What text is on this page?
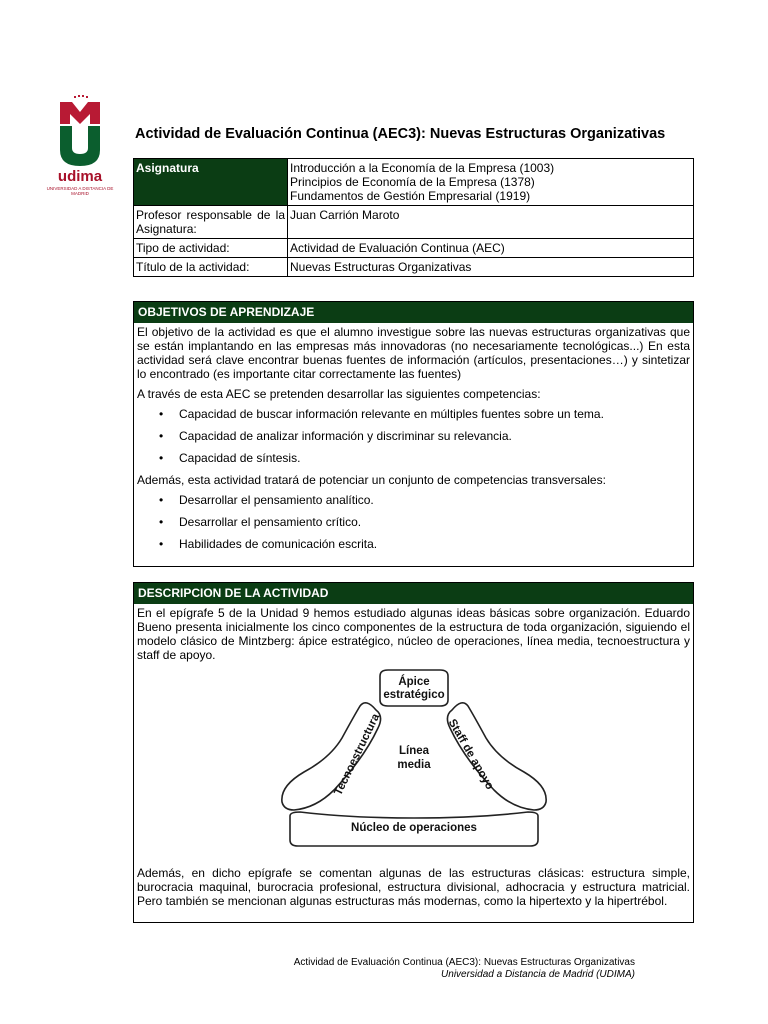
udima
UNIVERSIDAD A DISTANCIA DE MADRID
Actividad de Evaluación Continua (AEC3): Nuevas Estructuras Organizativas
Asignatura	Introducción a la Economía de la Empresa (1003)
Principios de Economía de la Empresa (1378)
Fundamentos de Gestión Empresarial (1919)

Profesor responsable de la Asignatura:	Juan Carrión Maroto
Tipo de actividad:	Actividad de Evaluación Continua (AEC)
Título de la actividad:	Nuevas Estructuras Organizativas
OBJETIVOS DE APRENDIZAJE

El objetivo de la actividad es que el alumno investigue sobre las nuevas estructuras organizativas que se están implantando en las empresas más innovadoras (no necesariamente tecnológicas...) En esta actividad será clave encontrar buenas fuentes de información (artículos, presentaciones…) y sintetizar lo encontrado (es importante citar correctamente las fuentes)

A través de esta AEC se pretenden desarrollar las siguientes competencias:

• Capacidad de buscar información relevante en múltiples fuentes sobre un tema.
• Capacidad de analizar información y discriminar su relevancia.
• Capacidad de síntesis.

Además, esta actividad tratará de potenciar un conjunto de competencias transversales:

• Desarrollar el pensamiento analítico.
• Desarrollar el pensamiento crítico.
• Habilidades de comunicación escrita.
DESCRIPCION DE LA ACTIVIDAD

En el epígrafe 5 de la Unidad 9 hemos estudiado algunas ideas básicas sobre organización. Eduardo Bueno presenta inicialmente los cinco componentes de la estructura de toda organización, siguiendo el modelo clásico de Mintzberg: ápice estratégico, núcleo de operaciones, línea media, tecnoestructura y staff de apoyo.

Ápice
estratégico
Línea
media
Núcleo de operaciones
Tecnoestructura	Staff de apoyo

Además, en dicho epígrafe se comentan algunas de las estructuras clásicas: estructura simple, burocracia maquinal, burocracia profesional, estructura divisional, adhocracia y estructura matricial. Pero también se mencionan algunas estructuras más modernas, como la hipertexto y la hipertrébol.

Actividad de Evaluación Continua (AEC3): Nuevas Estructuras Organizativas
Universidad a Distancia de Madrid (UDIMA)
